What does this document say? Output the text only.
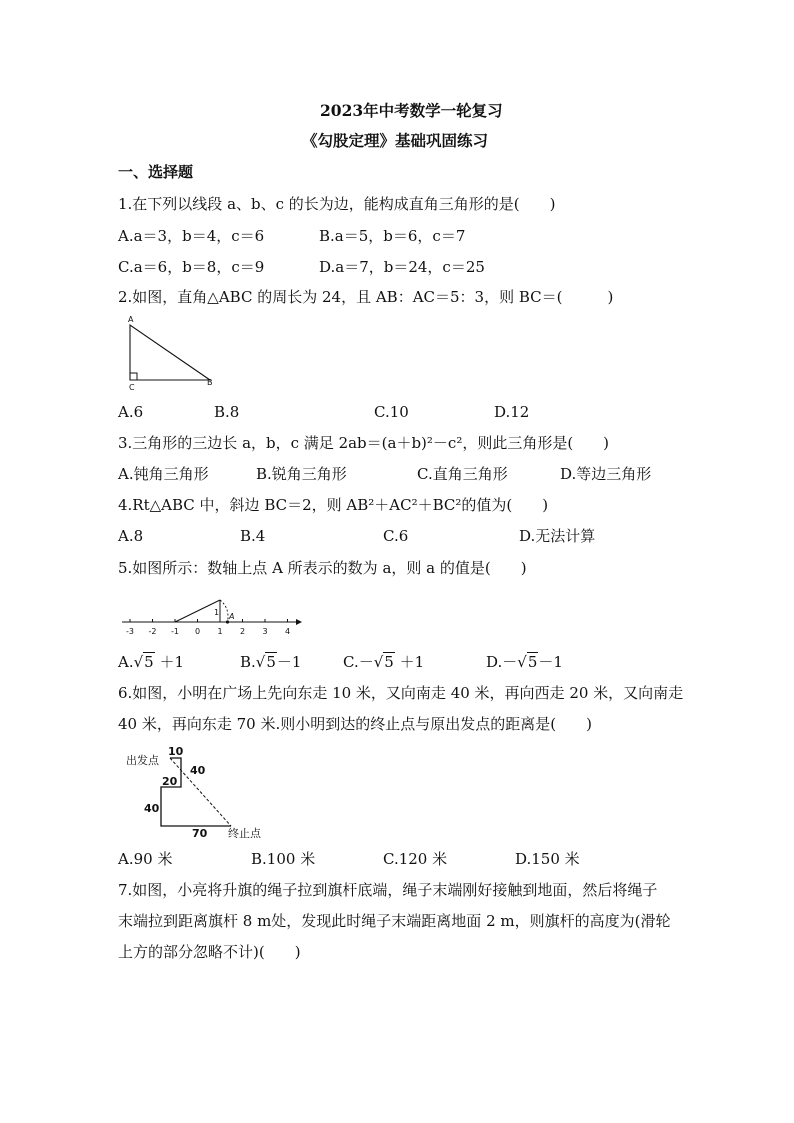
2023年中考数学一轮复习
《勾股定理》基础巩固练习
一、选择题
1.在下列以线段 a、b、c 的长为边，能构成直角三角形的是(　　)
A.a＝3，b＝4，c＝6	B.a＝5，b＝6，c＝7
C.a＝6，b＝8，c＝9	D.a＝7，b＝24，c＝25
2.如图，直角△ABC 的周长为 24，且 AB：AC＝5：3，则 BC＝(　　　)
A
C
B
A.6	B.8	C.10	D.12
3.三角形的三边长 a，b，c 满足 2ab＝(a＋b)²－c²，则此三角形是(　　)
A.钝角三角形	B.锐角三角形	C.直角三角形	D.等边三角形
4.Rt△ABC 中，斜边 BC＝2，则 AB²＋AC²＋BC²的值为(　　)
A.8	B.4	C.6	D.无法计算
5.如图所示：数轴上点 A 所表示的数为 a，则 a 的值是(　　)
-3 -2 -1 0 1 2 3 4
1 A
A.√5 ＋1	B.√5－1	C.－√5 ＋1	D.－√5－1
6.如图，小明在广场上先向东走 10 米，又向南走 40 米，再向西走 20 米，又向南走
40 米，再向东走 70 米.则小明到达的终止点与原出发点的距离是(　　)
出发点
终止点
10
40
20
40
70
A.90 米	B.100 米	C.120 米	D.150 米
7.如图，小亮将升旗的绳子拉到旗杆底端，绳子末端刚好接触到地面，然后将绳子
末端拉到距离旗杆 8 m处，发现此时绳子末端距离地面 2 m，则旗杆的高度为(滑轮
上方的部分忽略不计)(　　)
